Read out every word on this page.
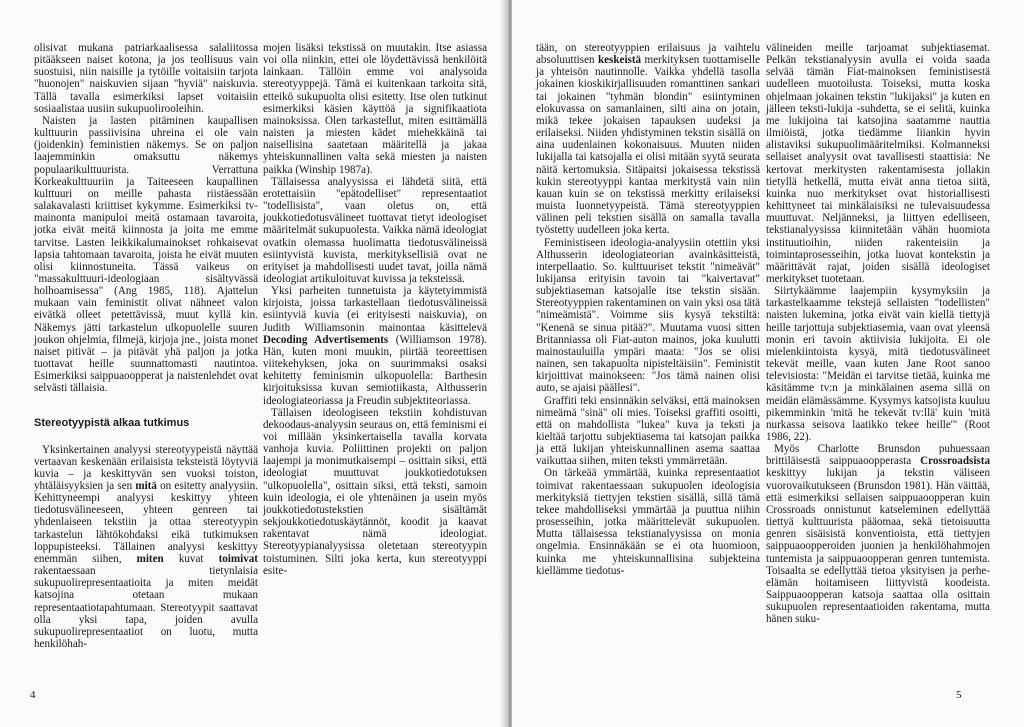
olisivat mukana patriarkaalisessa salaliitossa pitääkseen naiset kotona, ja jos teollisuus vain suostuisi, niin naisille ja tytöille voitaisiin tarjota "huonojen" naiskuvien sijaan "hyviä" naiskuvia. Tällä tavalla esimerkiksi lapset voitaisiin sosiaalistaa uusiin sukupuolirooleihin.

Naisten ja lasten pitäminen kaupallisen kulttuurin passiivisina uhreina ei ole vain (joidenkin) feministien näkemys. Se on paljon laajemminkin omaksuttu näkemys populaarikulttuurista. Verrattuna Korkeakulttuuriin ja Taiteeseen kaupallinen kulttuuri on meille pahasta riistäessään salakavalasti kriittiset kykymme. Esimerkiksi tv-mainonta manipuloi meitä ostamaan tavaroita, jotka eivät meitä kiinnosta ja joita me emme tarvitse. Lasten leikkikalumainokset rohkaisevat lapsia tahtomaan tavaroita, joista he eivät muuten olisi kiinnostuneita. Tässä vaikeus on "massakulttuuri-ideologiaan sisältyvässä holhoamisessa" (Ang 1985, 118). Ajattelun mukaan vain feministit olivat nähneet valon eivätkä olleet petettävissä, muut kyllä kin. Näkemys jätti tarkastelun ulkopuolelle suuren joukon ohjelmia, filmejä, kirjoja jne., joista monet naiset pitivät – ja pitävät yhä paljon ja jotka tuottavat heille suunnattomasti nautintoa. Esimerkiksi saippuaoopperat ja naistenlehdet ovat selvästi tällaisia.

Stereotyypistä alkaa tutkimus

Yksinkertainen analyysi stereotyypeistä näyttää vertaavan keskenään erilaisista teksteistä löytyviä kuvia – ja keskittyvän sen vuoksi toiston, yhtäläisyyksien ja sen mitä on esitetty analyysiin. Kehittyneempi analyysi keskittyy yhteen tiedotusvälineeseen, yhteen genreen tai yhdenlaiseen tekstiin ja ottaa stereotyypin tarkastelun lähtökohdaksi eikä tutkimuksen loppupisteeksi. Tällainen analyysi keskittyy enemmän siihen, miten kuvat toimivat rakentaessaan tietynlaisia sukupuolirepresentaatioita ja miten meidät katsojina otetaan mukaan representaatiotapahtumaan. Stereotyypit saattavat olla yksi tapa, joiden avulla sukupuolirepresentaatiot on luotu, mutta henkilöhah-

mojen lisäksi tekstissä on muutakin. Itse asiassa voi olla niinkin, ettei ole löydettävissä henkilöitä lainkaan. Tällöin emme voi analysoida stereotyyppejä. Tämä ei kuitenkaan tarkoita sitä, etteikö sukupuolta olisi esitetty. Itse olen tutkinut esimerkiksi käsien käyttöä ja signifikaatiota mainoksissa. Olen tarkastellut, miten esittämällä naisten ja miesten kädet miehekkäinä tai naisellisina saatetaan määritellä ja jakaa yhteiskunnallinen valta sekä miesten ja naisten paikka (Winship 1987a).

Tällaisessa analyysissa ei lähdetä siitä, että erotettaisiin "epätodelliset" representaatiot "todellisista", vaan oletus on, että joukkotiedotusvälineet tuottavat tietyt ideologiset määritelmät sukupuolesta. Vaikka nämä ideologiat ovatkin olemassa huolimatta tiedotusvälineissä esiintyvistä kuvista, merkityksellisiä ovat ne erityiset ja mahdollisesti uudet tavat, joilla nämä ideologiat artikuloituvat kuvissa ja teksteissä.

Yksi parheiten tunnetuista ja käytetyimmistä kirjoista, joissa tarkastellaan tiedotusvälineissä esiintyviä kuvia (ei erityisesti naiskuvia), on Judith Williamsonin mainontaa käsittelevä Decoding Advertisements (Williamson 1978). Hän, kuten moni muukin, piirtää teoreettisen viitekehyksen, joka on suurimmaksi osaksi kehitetty feminismin ulkopuolella: Barthesin kirjoituksissa kuvan semiotiikasta, Althusserin ideologiateoriassa ja Freudin subjektiteoriassa.

Tällaisen ideologiseen tekstiin kohdistuvan dekoodaus-analyysin seuraus on, että feminismi ei voi millään yksinkertaisella tavalla korvata vanhoja kuvia. Poliittinen projekti on paljon laajempi ja monimutkaisempi – osittain siksi, että ideologiat muuttuvat joukkotiedotuksen "ulkopuolella", osittain siksi, että teksti, samoin kuin ideologia, ei ole yhtenäinen ja usein myös joukkotiedotustekstien sisältämät sekjoukkotiedotuskäytännöt, koodit ja kaavat rakentavat nämä ideologiat. Stereotyypianalyysissa oletetaan stereotyypin toistuminen. Silti joka kerta, kun stereotyyppi esite-

4

tään, on stereotyyppien erilaisuus ja vaihtelu absoluuttisen keskeistä merkityksen tuottamiselle ja yhteisön nautinnolle. Vaikka yhdellä tasolla jokainen kioskikirjallisuuden romanttinen sankari tai jokainen "tyhmän blondin" esiintyminen elokuvassa on samanlainen, silti aina on jotain, mikä tekee jokaisen tapauksen uudeksi ja erilaiseksi. Niiden yhdistyminen tekstin sisällä on aina uudenlainen kokonaisuus. Muuten niiden lukijalla tai katsojalla ei olisi mitään syytä seurata näitä kertomuksia. Sitäpaitsi jokaisessa tekstissä kukin stereotyyppi kantaa merkitystä vain niin kauan kuin se on tekstissä merkitty erilaiseksi muista luonnetyypeistä. Tämä stereotyyppien välinen peli tekstien sisällä on samalla tavalla työstetty uudelleen joka kerta.

Feministiseen ideologia-analyysiin otettiin yksi Althusserin ideologiateorian avainkäsitteistä, interpellaatio. So. kulttuuriset tekstit "nimeävät" lukijansa erityisin tavoin tai "kaivertavat" subjektiaseman katsojalle itse tekstin sisään. Stereotyyppien rakentaminen on vain yksi osa tätä "nimeämistä". Voimme siis kysyä tekstiltä: "Kenenä se sinua pitää?". Muutama vuosi sitten Britanniassa oli Fiat-auton mainos, joka kuulutti mainostauluilla ympäri maata: "Jos se olisi nainen, sen takapuolta nipisteltäisiin". Feministit kirjoittivat mainokseen: "Jos tämä nainen olisi auto, se ajaisi päällesi".

Graffiti teki ensinnäkin selväksi, että mainoksen nimeämä "sinä" oli mies. Toiseksi graffiti osoitti, että on mahdollista "lukea" kuva ja teksti ja kieltää tarjottu subjektiasema tai katsojan paikka ja että lukijan yhteiskunnallinen asema saattaa vaikuttaa siihen, miten teksti ymmärretään.

On tärkeää ymmärtää, kuinka representaatiot toimivat rakentaessaan sukupuolen ideologisia merkityksiä tiettyjen tekstien sisällä, sillä tämä tekee mahdolliseksi ymmärtää ja puuttua niihin prosesseihin, jotka määrittelevät sukupuolen. Mutta tällaisessa tekstianalyysissa on monia ongelmia. Ensinnäkään se ei ota huomioon, kuinka me yhteiskunnallisina subjekteina kiellämme tiedotus-

välineiden meille tarjoamat subjektiasemat. Pelkän tekstianalyysin avulla ei voida saada selvää tämän Fiat-mainoksen feministisestä uudelleen muotoilusta. Toiseksi, mutta koska ohjelmaan jokainen tekstin "lukijaksi" ja kuten en jälleen teksti-lukija -suhdetta, se ei selitä, kuinka me lukijoina tai katsojina saatamme nauttia ilmiöistä, jotka tiedämme liiankin hyvin alistaviksi sukupuolimääritelmiksi. Kolmanneksi sellaiset analyysit ovat tavallisesti staattisia: Ne kertovat merkitysten rakentamisesta jollakin tietyllä hetkellä, mutta eivät anna tietoa siitä, kuinka nuo merkitykset ovat historiallisesti kehittyneet tai minkälaisiksi ne tulevaisuudessa muuttuvat. Neljänneksi, ja liittyen edelliseen, tekstianalyysissa kiinnitetään vähän huomiota instituutioihin, niiden rakenteisiin ja toimintaprosesseihin, jotka luovat kontekstin ja määrittävät rajat, joiden sisällä ideologiset merkitykset tuotetaan.

Siirtykäämme laajempiin kysymyksiin ja tarkastelkaamme tekstejä sellaisten "todellisten" naisten lukemina, jotka eivät vain kiellä tiettyjä heille tarjottuja subjektiasemia, vaan ovat yleensä monin eri tavoin aktiivisia lukijoita. Ei ole mielenkiintoista kysyä, mitä tiedotusvälineet tekevät meille, vaan kuten Jane Root sanoo televisiosta: "Meidän ei tarvitse tietää, kuinka me käsitämme tv:n ja minkälainen asema sillä on meidän elämässämme. Kysymys katsojista kuuluu pikemminkin 'mitä he tekevät tv:llä' kuin 'mitä nurkassa seisova laatikko tekee heille'" (Root 1986, 22).

Myös Charlotte Brunsdon puhuessaan brittiläisestä saippuaoopperasta Crossroadsista keskittyy lukijan ja tekstin väliseen vuorovaikutukseen (Brunsdon 1981). Hän väittää, että esimerkiksi sellaisen saippuaoopperan kuin Crossroads onnistunut katseleminen edellyttää tiettyä kulttuurista pääomaa, sekä tietoisuutta genren sisäisistä konventioista, että tiettyjen saippuaoopperoiden juonien ja henkilöhahmojen tuntemista ja saippuaoopperan genren tuntemista. Toisaalta se edellyttää tietoa yksityisen ja perhe-elämän hoitamiseen liittyvistä koodeista. Saippuaoopperan katsoja saattaa olla osittain sukupuolen representaatioiden rakentama, mutta hänen suku-

5
